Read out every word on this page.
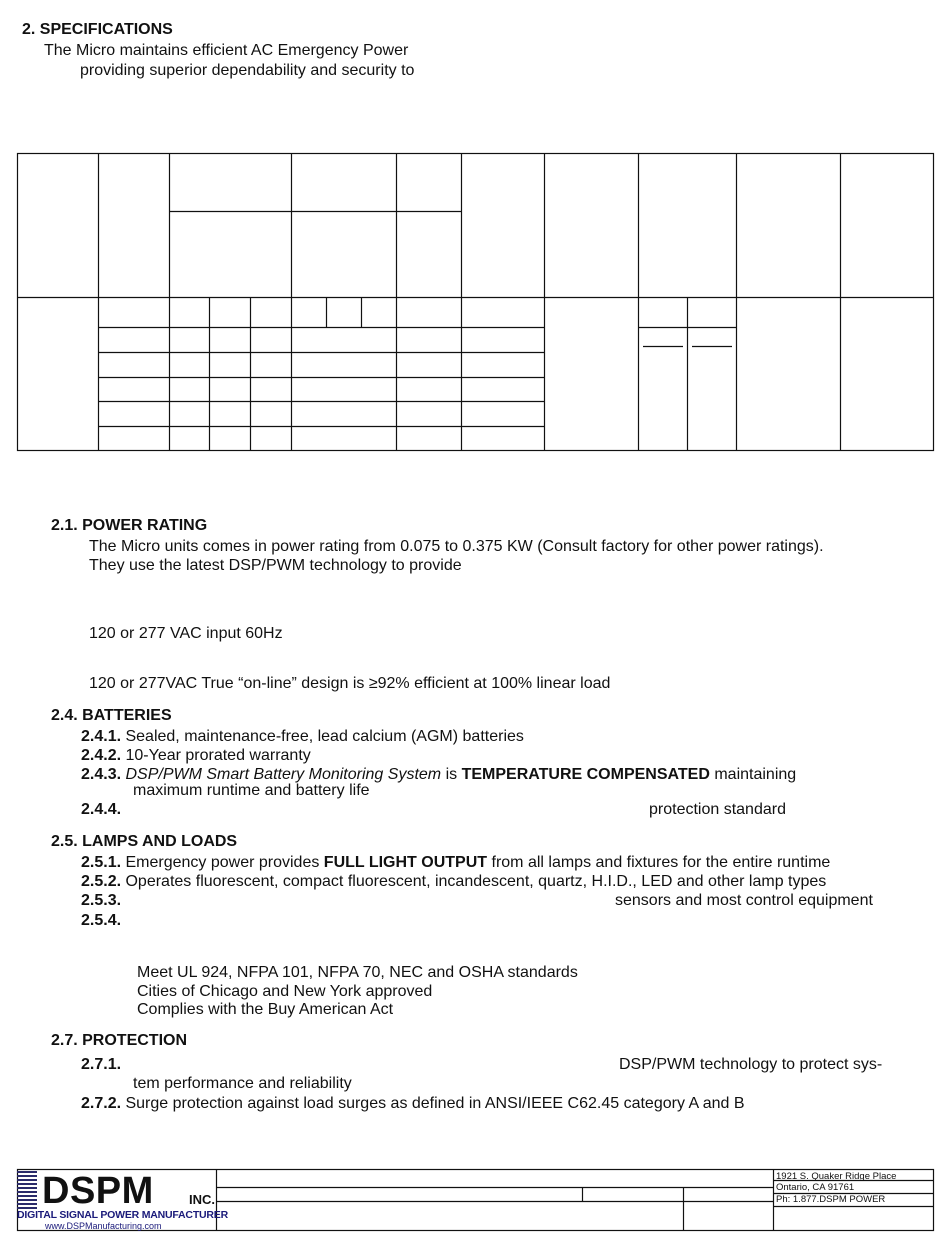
2. SPECIFICATIONS
The Micro maintains efficient AC Emergency Power
providing superior dependability and security to
2.1. POWER RATING
The Micro units comes in power rating from 0.075 to 0.375 KW (Consult factory for other power ratings).
They use the latest DSP/PWM technology to provide
120 or 277 VAC input 60Hz
120 or 277VAC True “on-line” design is ≥92% efficient at 100% linear load
2.4. BATTERIES
2.4.1. Sealed, maintenance-free, lead calcium (AGM) batteries
2.4.2. 10-Year prorated warranty
2.4.3. DSP/PWM Smart Battery Monitoring System is TEMPERATURE COMPENSATED maintaining
maximum runtime and battery life
2.4.4.	protection standard
2.5. LAMPS AND LOADS
2.5.1. Emergency power provides FULL LIGHT OUTPUT from all lamps and fixtures for the entire runtime
2.5.2. Operates fluorescent, compact fluorescent, incandescent, quartz, H.I.D., LED and other lamp types
2.5.3.	sensors and most control equipment
2.5.4.
Meet UL 924, NFPA 101, NFPA 70, NEC and OSHA standards
Cities of Chicago and New York approved
Complies with the Buy American Act
2.7. PROTECTION
2.7.1.	DSP/PWM technology to protect sys-
tem performance and reliability
2.7.2. Surge protection against load surges as defined in ANSI/IEEE C62.45 category A and B
DSPM	INC.
DIGITAL SIGNAL POWER MANUFACTURER
www.DSPManufacturing.com
1921 S. Quaker Ridge Place
Ontario, CA 91761
Ph: 1.877.DSPM POWER
